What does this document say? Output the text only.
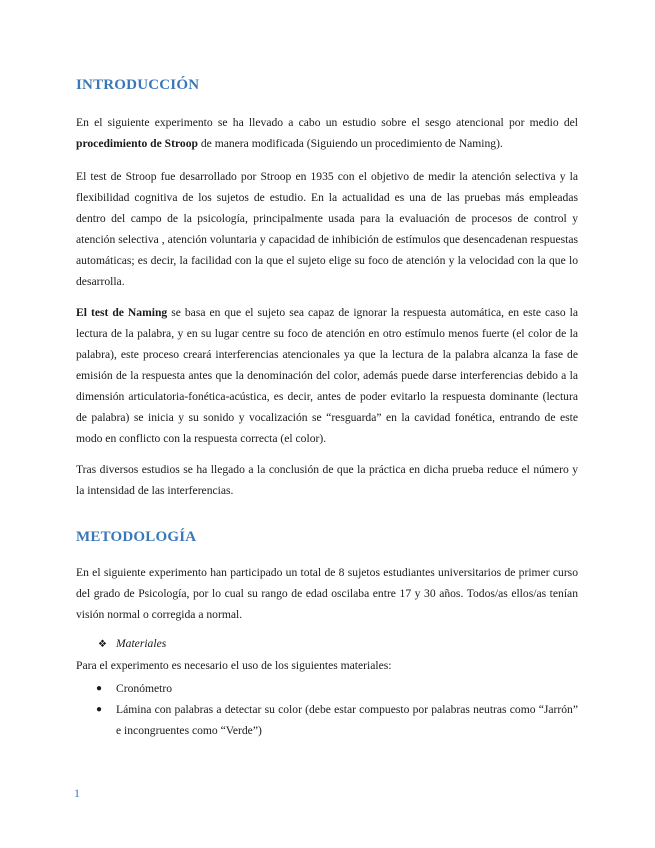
INTRODUCCIÓN

En el siguiente experimento se ha llevado a cabo un estudio sobre el sesgo atencional por medio del procedimiento de Stroop de manera modificada (Siguiendo un procedimiento de Naming).

El test de Stroop fue desarrollado por Stroop en 1935 con el objetivo de medir la atención selectiva y la flexibilidad cognitiva de los sujetos de estudio. En la actualidad es una de las pruebas más empleadas dentro del campo de la psicología, principalmente usada para la evaluación de procesos de control y atención selectiva , atención voluntaria y capacidad de inhibición de estímulos que desencadenan respuestas automáticas; es decir, la facilidad con la que el sujeto elige su foco de atención y la velocidad con la que lo desarrolla.

El test de Naming se basa en que el sujeto sea capaz de ignorar la respuesta automática, en este caso la lectura de la palabra, y en su lugar centre su foco de atención en otro estímulo menos fuerte (el color de la palabra), este proceso creará interferencias atencionales ya que la lectura de la palabra alcanza la fase de emisión de la respuesta antes que la denominación del color, además puede darse interferencias debido a la dimensión articulatoria-fonética-acústica, es decir, antes de poder evitarlo la respuesta dominante (lectura de palabra) se inicia y su sonido y vocalización se “resguarda” en la cavidad fonética, entrando de este modo en conflicto con la respuesta correcta (el color).

Tras diversos estudios se ha llegado a la conclusión de que la práctica en dicha prueba reduce el número y la intensidad de las interferencias.

METODOLOGÍA

En el siguiente experimento han participado un total de 8 sujetos estudiantes universitarios de primer curso del grado de Psicología, por lo cual su rango de edad oscilaba entre 17 y 30 años. Todos/as ellos/as tenían visión normal o corregida a normal.

❖ Materiales

Para el experimento es necesario el uso de los siguientes materiales:

● Cronómetro
● Lámina con palabras a detectar su color (debe estar compuesto por palabras neutras como “Jarrón” e incongruentes como “Verde”)
1
